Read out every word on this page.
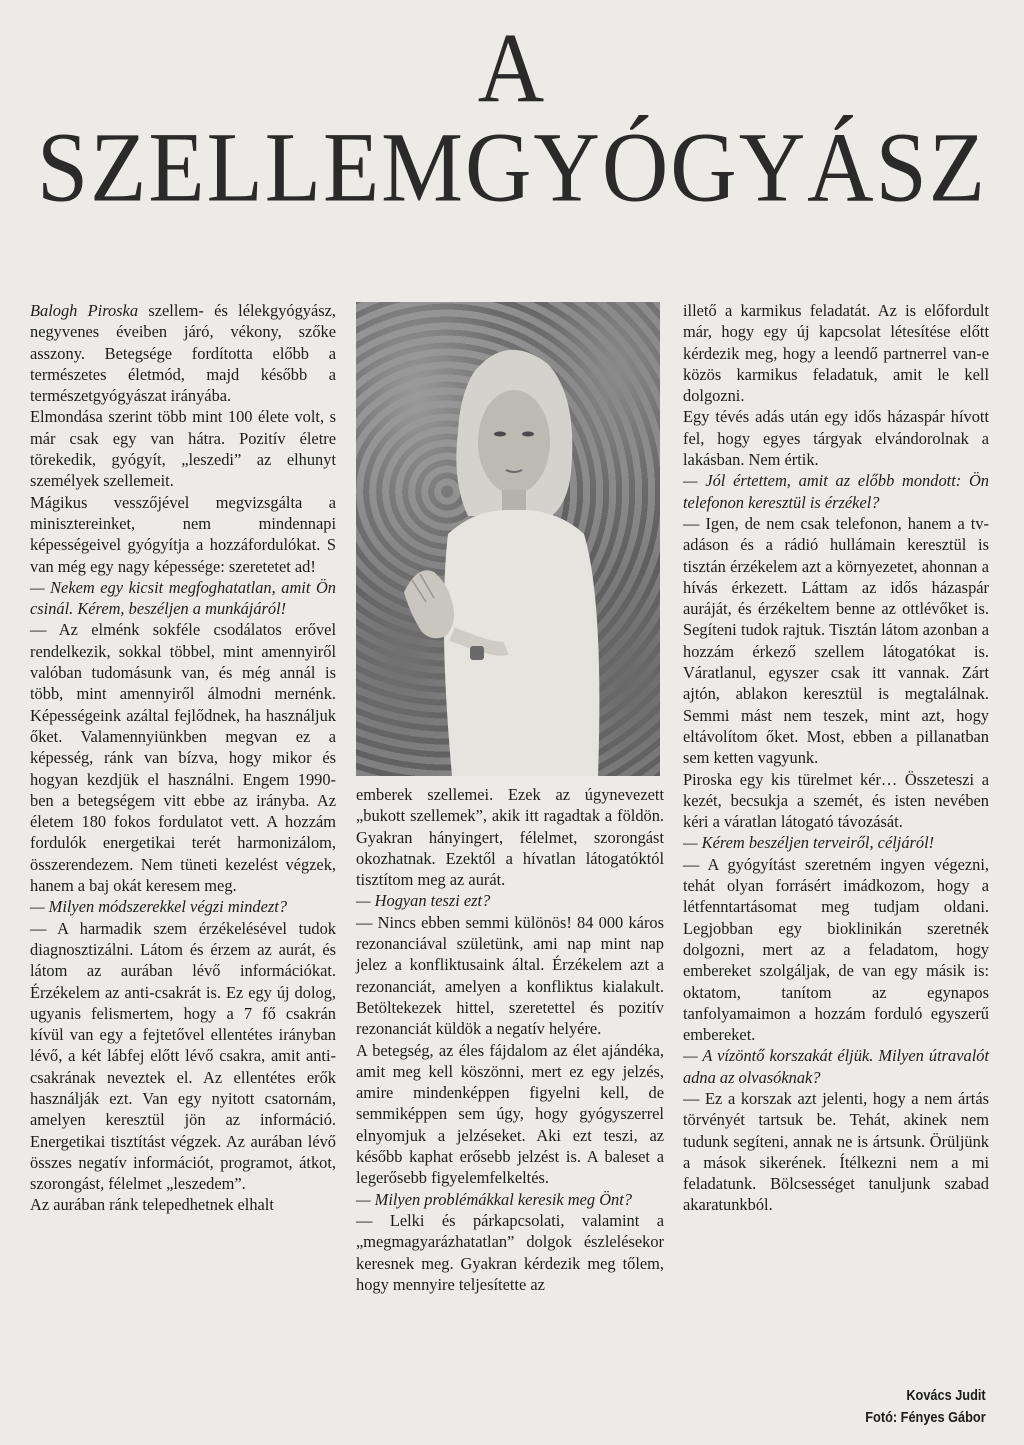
A SZELLEMGYÓGYÁSZ

Balogh Piroska szellem- és lélekgyógyász, negyvenes éveiben járó, vékony, szőke asszony. Betegsége fordította előbb a természetes életmód, majd később a természetgyógyászat irányába.

Elmondása szerint több mint 100 élete volt, s már csak egy van hátra. Pozitív életre törekedik, gyógyít, „leszedi” az elhunyt személyek szellemeit.

Mágikus vesszőjével megvizsgálta a minisztereinket, nem mindennapi képességeivel gyógyítja a hozzáfordulókat. S van még egy nagy képessége: szeretetet ad!

— Nekem egy kicsit megfoghatatlan, amit Ön csinál. Kérem, beszéljen a munkájáról!

— Az elménk sokféle csodálatos erővel rendelkezik, sokkal többel, mint amennyiről valóban tudomásunk van, és még annál is több, mint amennyiről álmodni mernénk. Képességeink azáltal fejlődnek, ha használjuk őket. Valamennyiünkben megvan ez a képesség, ránk van bízva, hogy mikor és hogyan kezdjük el használni. Engem 1990-ben a betegségem vitt ebbe az irányba. Az életem 180 fokos fordulatot vett. A hozzám fordulók energetikai terét harmonizálom, összerendezem. Nem tüneti kezelést végzek, hanem a baj okát keresem meg.

— Milyen módszerekkel végzi mindezt?

— A harmadik szem érzékelésével tudok diagnosztizálni. Látom és érzem az aurát, és látom az aurában lévő információkat. Érzékelem az anti-csakrát is. Ez egy új dolog, ugyanis felismertem, hogy a 7 fő csakrán kívül van egy a fejtetővel ellentétes irányban lévő, a két lábfej előtt lévő csakra, amit anti-csakrának neveztek el. Az ellentétes erők használják ezt. Van egy nyitott csatornám, amelyen keresztül jön az információ. Energetikai tisztítást végzek. Az aurában lévő összes negatív információt, programot, átkot, szorongást, félelmet „leszedem”.

Az aurában ránk telepedhetnek elhalt

emberek szellemei. Ezek az úgynevezett „bukott szellemek”, akik itt ragadtak a földön. Gyakran hányingert, félelmet, szorongást okozhatnak. Ezektől a hívatlan látogatóktól tisztítom meg az aurát.

— Hogyan teszi ezt?

— Nincs ebben semmi különös! 84 000 káros rezonanciával születünk, ami nap mint nap jelez a konfliktusaink által. Érzékelem azt a rezonanciát, amelyen a konfliktus kialakult. Betöltekezek hittel, szeretettel és pozitív rezonanciát küldök a negatív helyére.

A betegség, az éles fájdalom az élet ajándéka, amit meg kell köszönni, mert ez egy jelzés, amire mindenképpen figyelni kell, de semmiképpen sem úgy, hogy gyógyszerrel elnyomjuk a jelzéseket. Aki ezt teszi, az később kaphat erősebb jelzést is. A baleset a legerősebb figyelemfelkeltés.

— Milyen problémákkal keresik meg Önt?

— Lelki és párkapcsolati, valamint a „megmagyarázhatatlan” dolgok észlelésekor keresnek meg. Gyakran kérdezik meg tőlem, hogy mennyire teljesítette az

illető a karmikus feladatát. Az is előfordult már, hogy egy új kapcsolat létesítése előtt kérdezik meg, hogy a leendő partnerrel van-e közös karmikus feladatuk, amit le kell dolgozni.

Egy tévés adás után egy idős házaspár hívott fel, hogy egyes tárgyak elvándorolnak a lakásban. Nem értik.

— Jól értettem, amit az előbb mondott: Ön telefonon keresztül is érzékel?

— Igen, de nem csak telefonon, hanem a tv-adáson és a rádió hullámain keresztül is tisztán érzékelem azt a környezetet, ahonnan a hívás érkezett. Láttam az idős házaspár auráját, és érzékeltem benne az ottlévőket is. Segíteni tudok rajtuk. Tisztán látom azonban a hozzám érkező szellem látogatókat is. Váratlanul, egyszer csak itt vannak. Zárt ajtón, ablakon keresztül is megtalálnak. Semmi mást nem teszek, mint azt, hogy eltávolítom őket. Most, ebben a pillanatban sem ketten vagyunk.

Piroska egy kis türelmet kér… Összeteszi a kezét, becsukja a szemét, és isten nevében kéri a váratlan látogató távozását.

— Kérem beszéljen terveiről, céljáról!

— A gyógyítást szeretném ingyen végezni, tehát olyan forrásért imádkozom, hogy a létfenntartásomat meg tudjam oldani. Legjobban egy bioklinikán szeretnék dolgozni, mert az a feladatom, hogy embereket szolgáljak, de van egy másik is: oktatom, tanítom az egynapos tanfolyamaimon a hozzám forduló egyszerű embereket.

— A vízöntő korszakát éljük. Milyen útravalót adna az olvasóknak?

— Ez a korszak azt jelenti, hogy a nem ártás törvényét tartsuk be. Tehát, akinek nem tudunk segíteni, annak ne is ártsunk. Örüljünk a mások sikerének. Ítélkezni nem a mi feladatunk. Bölcsességet tanuljunk szabad akaratunkból.

Kovács Judit
Fotó: Fényes Gábor
